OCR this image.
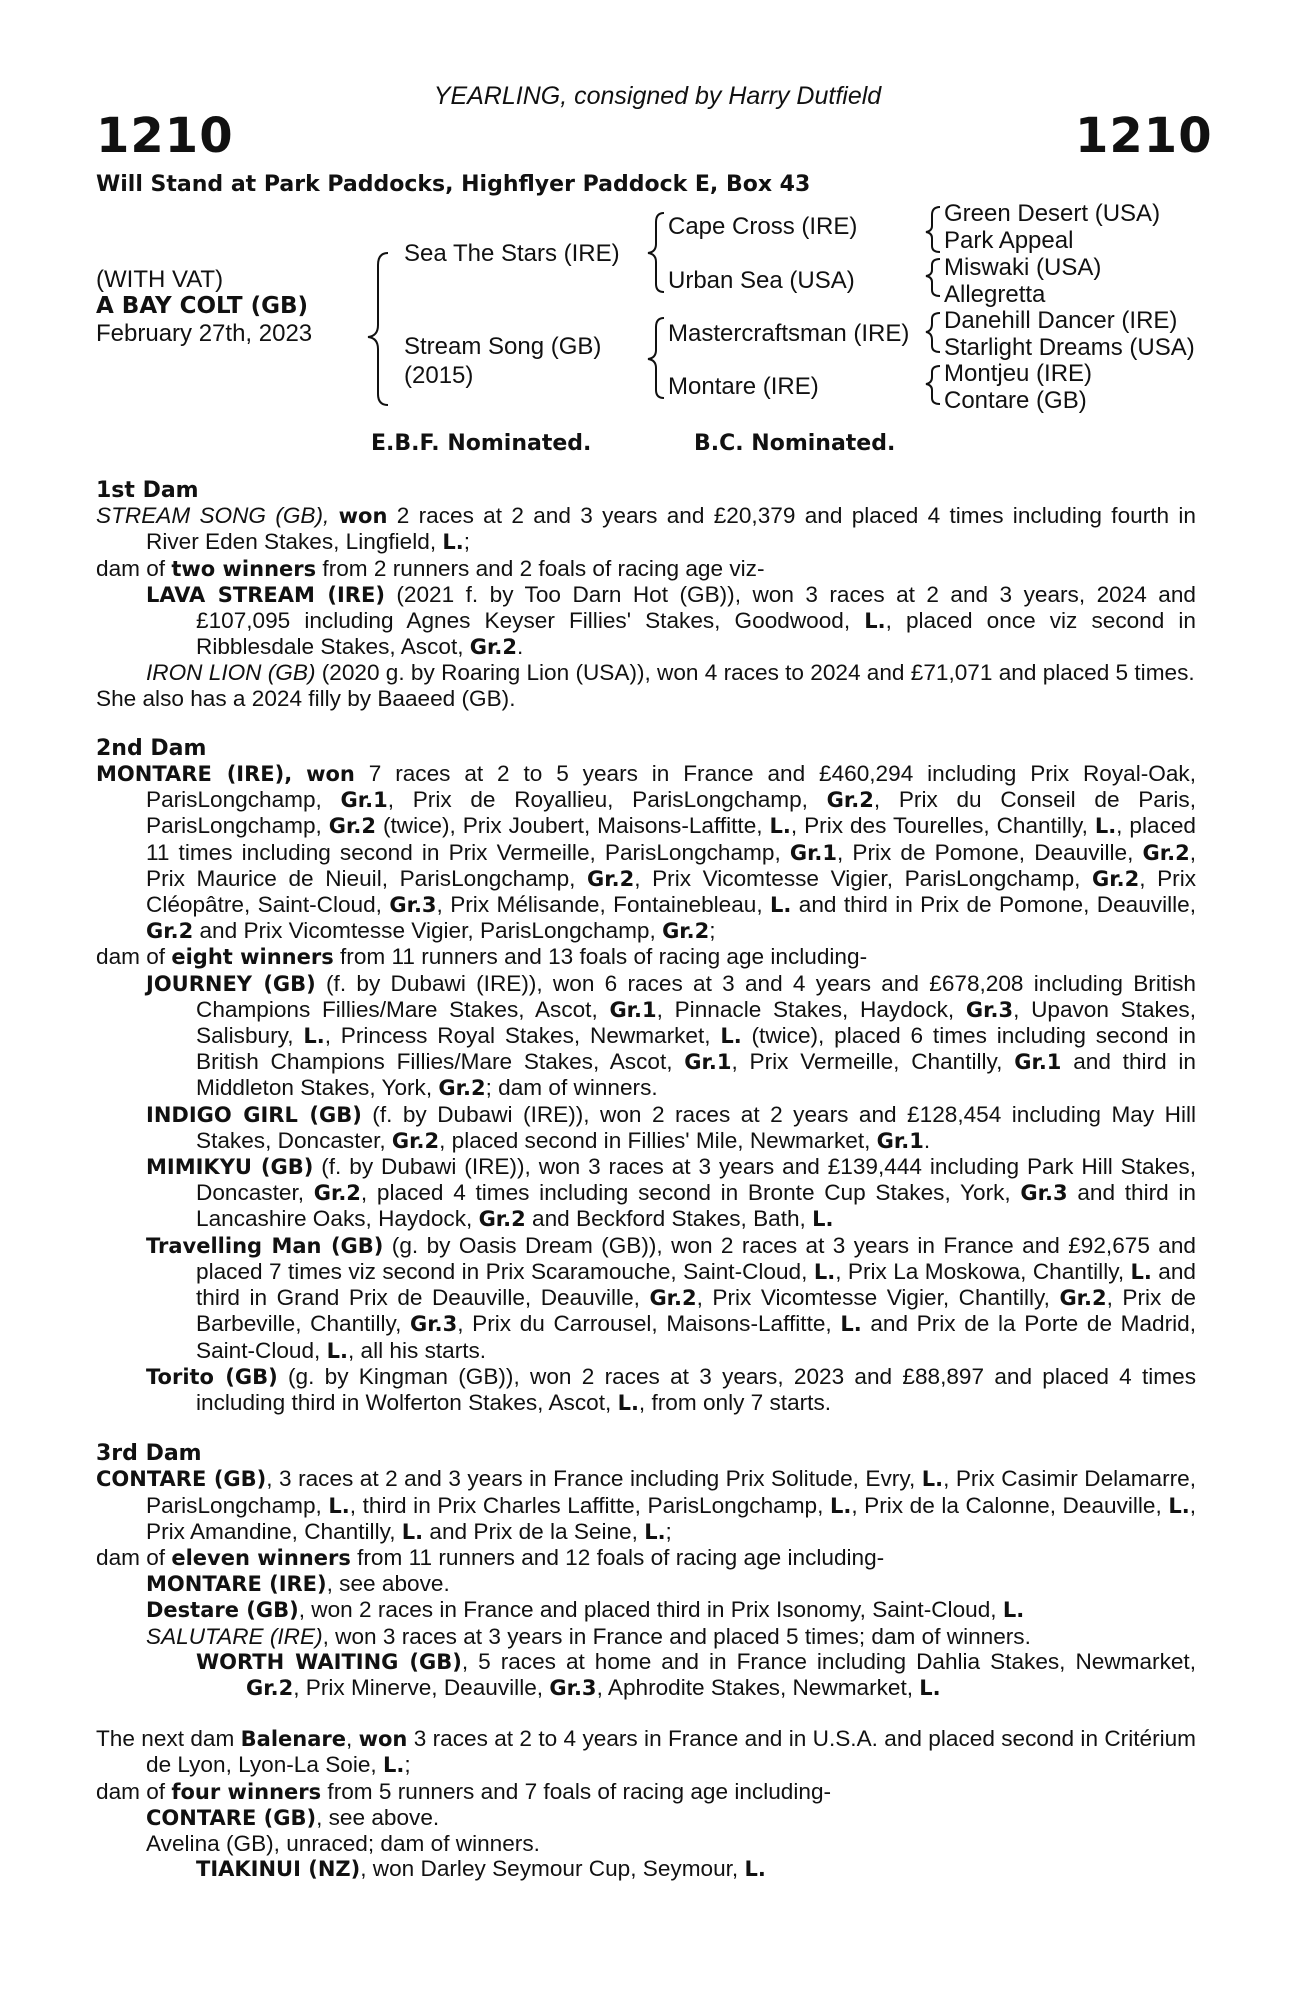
YEARLING, consigned by Harry Dutfield
1210	1210
Will Stand at Park Paddocks, Highflyer Paddock E, Box 43
(WITH VAT)
A BAY COLT (GB)
February 27th, 2023
Sea The Stars (IRE)
Stream Song (GB)
(2015)
Cape Cross (IRE)
Urban Sea (USA)
Mastercraftsman (IRE)
Montare (IRE)
Green Desert (USA)
Park Appeal
Miswaki (USA)
Allegretta
Danehill Dancer (IRE)
Starlight Dreams (USA)
Montjeu (IRE)
Contare (GB)
E.B.F. Nominated.	B.C. Nominated.

1st Dam

STREAM SONG (GB), won 2 races at 2 and 3 years and £20,379 and placed 4 times including fourth in River Eden Stakes, Lingfield, L.;

dam of two winners from 2 runners and 2 foals of racing age viz-

LAVA STREAM (IRE) (2021 f. by Too Darn Hot (GB)), won 3 races at 2 and 3 years, 2024 and £107,095 including Agnes Keyser Fillies' Stakes, Goodwood, L., placed once viz second in Ribblesdale Stakes, Ascot, Gr.2.

IRON LION (GB) (2020 g. by Roaring Lion (USA)), won 4 races to 2024 and £71,071 and placed 5 times.

She also has a 2024 filly by Baaeed (GB).

2nd Dam

MONTARE (IRE), won 7 races at 2 to 5 years in France and £460,294 including Prix Royal-Oak, ParisLongchamp, Gr.1, Prix de Royallieu, ParisLongchamp, Gr.2, Prix du Conseil de Paris, ParisLongchamp, Gr.2 (twice), Prix Joubert, Maisons-Laffitte, L., Prix des Tourelles, Chantilly, L., placed 11 times including second in Prix Vermeille, ParisLongchamp, Gr.1, Prix de Pomone, Deauville, Gr.2, Prix Maurice de Nieuil, ParisLongchamp, Gr.2, Prix Vicomtesse Vigier, ParisLongchamp, Gr.2, Prix Cléopâtre, Saint-Cloud, Gr.3, Prix Mélisande, Fontainebleau, L. and third in Prix de Pomone, Deauville, Gr.2 and Prix Vicomtesse Vigier, ParisLongchamp, Gr.2;

dam of eight winners from 11 runners and 13 foals of racing age including-

JOURNEY (GB) (f. by Dubawi (IRE)), won 6 races at 3 and 4 years and £678,208 including British Champions Fillies/Mare Stakes, Ascot, Gr.1, Pinnacle Stakes, Haydock, Gr.3, Upavon Stakes, Salisbury, L., Princess Royal Stakes, Newmarket, L. (twice), placed 6 times including second in British Champions Fillies/Mare Stakes, Ascot, Gr.1, Prix Vermeille, Chantilly, Gr.1 and third in Middleton Stakes, York, Gr.2; dam of winners.

INDIGO GIRL (GB) (f. by Dubawi (IRE)), won 2 races at 2 years and £128,454 including May Hill Stakes, Doncaster, Gr.2, placed second in Fillies' Mile, Newmarket, Gr.1.

MIMIKYU (GB) (f. by Dubawi (IRE)), won 3 races at 3 years and £139,444 including Park Hill Stakes, Doncaster, Gr.2, placed 4 times including second in Bronte Cup Stakes, York, Gr.3 and third in Lancashire Oaks, Haydock, Gr.2 and Beckford Stakes, Bath, L.

Travelling Man (GB) (g. by Oasis Dream (GB)), won 2 races at 3 years in France and £92,675 and placed 7 times viz second in Prix Scaramouche, Saint-Cloud, L., Prix La Moskowa, Chantilly, L. and third in Grand Prix de Deauville, Deauville, Gr.2, Prix Vicomtesse Vigier, Chantilly, Gr.2, Prix de Barbeville, Chantilly, Gr.3, Prix du Carrousel, Maisons-Laffitte, L. and Prix de la Porte de Madrid, Saint-Cloud, L., all his starts.

Torito (GB) (g. by Kingman (GB)), won 2 races at 3 years, 2023 and £88,897 and placed 4 times including third in Wolferton Stakes, Ascot, L., from only 7 starts.

3rd Dam

CONTARE (GB), 3 races at 2 and 3 years in France including Prix Solitude, Evry, L., Prix Casimir Delamarre, ParisLongchamp, L., third in Prix Charles Laffitte, ParisLongchamp, L., Prix de la Calonne, Deauville, L., Prix Amandine, Chantilly, L. and Prix de la Seine, L.;

dam of eleven winners from 11 runners and 12 foals of racing age including-

MONTARE (IRE), see above.

Destare (GB), won 2 races in France and placed third in Prix Isonomy, Saint-Cloud, L.

SALUTARE (IRE), won 3 races at 3 years in France and placed 5 times; dam of winners.

WORTH WAITING (GB), 5 races at home and in France including Dahlia Stakes, Newmarket, Gr.2, Prix Minerve, Deauville, Gr.3, Aphrodite Stakes, Newmarket, L.

The next dam Balenare, won 3 races at 2 to 4 years in France and in U.S.A. and placed second in Critérium de Lyon, Lyon-La Soie, L.;

dam of four winners from 5 runners and 7 foals of racing age including-

CONTARE (GB), see above.

Avelina (GB), unraced; dam of winners.

TIAKINUI (NZ), won Darley Seymour Cup, Seymour, L.
